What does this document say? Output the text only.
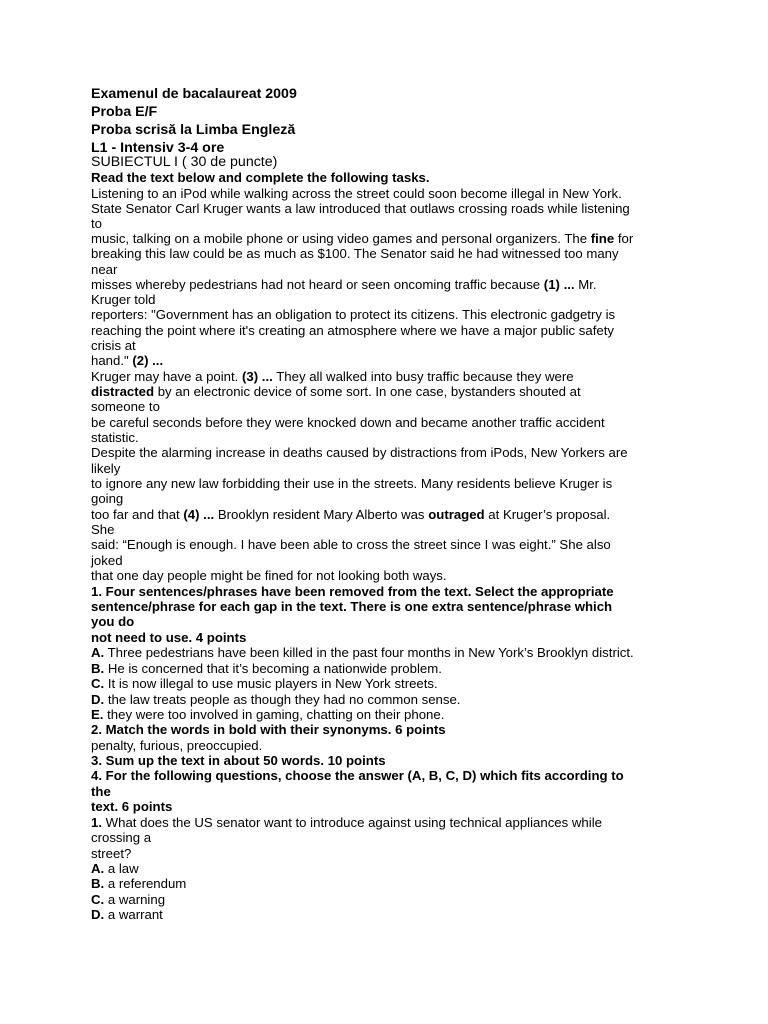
Examenul de bacalaureat 2009
Proba E/F
Proba scrisă la Limba Engleză
L1 - Intensiv 3-4 ore
SUBIECTUL I ( 30 de puncte)
Read the text below and complete the following tasks.
Listening to an iPod while walking across the street could soon become illegal in New York.
State Senator Carl Kruger wants a law introduced that outlaws crossing roads while listening
to
music, talking on a mobile phone or using video games and personal organizers. The fine for
breaking this law could be as much as $100. The Senator said he had witnessed too many
near
misses whereby pedestrians had not heard or seen oncoming traffic because (1) ... Mr.
Kruger told
reporters: "Government has an obligation to protect its citizens. This electronic gadgetry is
reaching the point where it's creating an atmosphere where we have a major public safety
crisis at
hand." (2) ...
Kruger may have a point. (3) ... They all walked into busy traffic because they were
distracted by an electronic device of some sort. In one case, bystanders shouted at
someone to
be careful seconds before they were knocked down and became another traffic accident
statistic.
Despite the alarming increase in deaths caused by distractions from iPods, New Yorkers are
likely
to ignore any new law forbidding their use in the streets. Many residents believe Kruger is
going
too far and that (4) ... Brooklyn resident Mary Alberto was outraged at Kruger’s proposal.
She
said: “Enough is enough. I have been able to cross the street since I was eight.” She also
joked
that one day people might be fined for not looking both ways.
1. Four sentences/phrases have been removed from the text. Select the appropriate
sentence/phrase for each gap in the text. There is one extra sentence/phrase which
you do
not need to use. 4 points
A. Three pedestrians have been killed in the past four months in New York’s Brooklyn district.
B. He is concerned that it’s becoming a nationwide problem.
C. It is now illegal to use music players in New York streets.
D. the law treats people as though they had no common sense.
E. they were too involved in gaming, chatting on their phone.
2. Match the words in bold with their synonyms. 6 points
penalty, furious, preoccupied.
3. Sum up the text in about 50 words. 10 points
4. For the following questions, choose the answer (A, B, C, D) which fits according to
the
text. 6 points
1. What does the US senator want to introduce against using technical appliances while
crossing a
street?
A. a law
B. a referendum
C. a warning
D. a warrant
